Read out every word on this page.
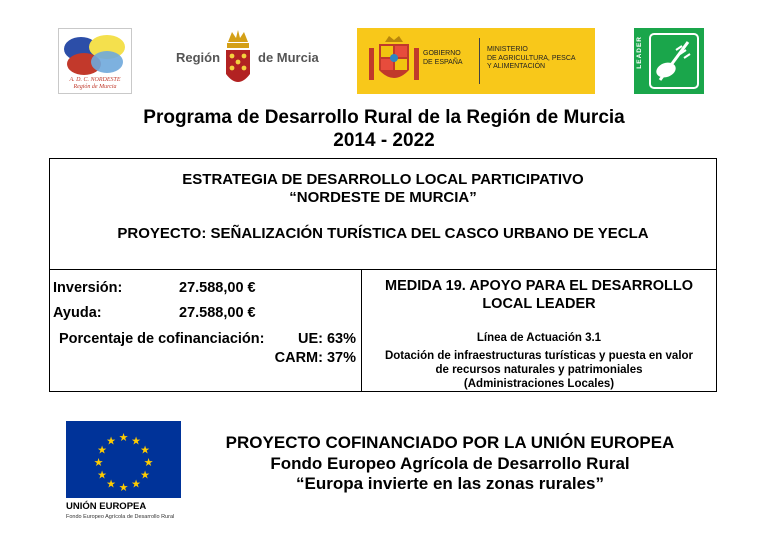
A. D. C. NORDESTE
Región de Murcia
Región	de Murcia	GOBIERNO
DE ESPAÑA
MINISTERIO
DE AGRICULTURA, PESCA
Y ALIMENTACIÓN	LEADER
Programa de Desarrollo Rural de la Región de Murcia
2014 - 2022
ESTRATEGIA DE DESARROLLO LOCAL PARTICIPATIVO
“NORDESTE DE MURCIA”
PROYECTO: SEÑALIZACIÓN TURÍSTICA DEL CASCO URBANO DE YECLA
Inversión:	27.588,00 €
Ayuda:	27.588,00 €
Porcentaje de cofinanciación:	UE: 63%
CARM: 37%
MEDIDA 19. APOYO PARA EL DESARROLLO
LOCAL LEADER
Línea de Actuación 3.1
Dotación de infraestructuras turísticas y puesta en valor
de recursos naturales y patrimoniales
(Administraciones Locales)
★ ★
★
★
★
★
★
★
★
★
★
★
UNIÓN EUROPEA
Fondo Europeo Agrícola de Desarrollo Rural
PROYECTO COFINANCIADO POR LA UNIÓN EUROPEA
Fondo Europeo Agrícola de Desarrollo Rural
“Europa invierte en las zonas rurales”
